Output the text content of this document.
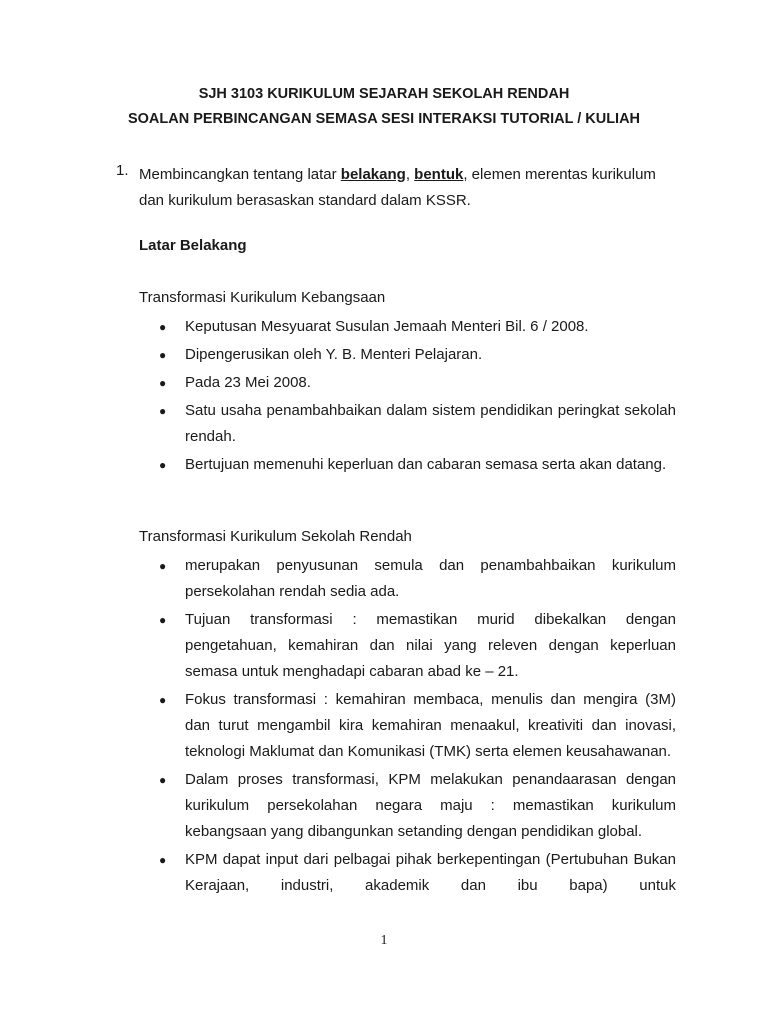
SJH 3103 KURIKULUM SEJARAH SEKOLAH RENDAH
SOALAN PERBINCANGAN SEMASA SESI INTERAKSI TUTORIAL / KULIAH
1. Membincangkan tentang latar belakang, bentuk, elemen merentas kurikulum dan kurikulum berasaskan standard dalam KSSR.
Latar Belakang
Transformasi Kurikulum Kebangsaan
● Keputusan Mesyuarat Susulan Jemaah Menteri Bil. 6 / 2008.
● Dipengerusikan oleh Y. B. Menteri Pelajaran.
● Pada 23 Mei 2008.
● Satu usaha penambahbaikan dalam sistem pendidikan peringkat sekolah rendah.
● Bertujuan memenuhi keperluan dan cabaran semasa serta akan datang.
Transformasi Kurikulum Sekolah Rendah
● merupakan penyusunan semula dan penambahbaikan kurikulum persekolahan rendah sedia ada.
● Tujuan transformasi : memastikan murid dibekalkan dengan pengetahuan, kemahiran dan nilai yang releven dengan keperluan semasa untuk menghadapi cabaran abad ke – 21.
● Fokus transformasi : kemahiran membaca, menulis dan mengira (3M) dan turut mengambil kira kemahiran menaakul, kreativiti dan inovasi, teknologi Maklumat dan Komunikasi (TMK) serta elemen keusahawanan.
● Dalam proses transformasi, KPM melakukan penandaarasan dengan kurikulum persekolahan negara maju : memastikan kurikulum kebangsaan yang dibangunkan setanding dengan pendidikan global.
● KPM dapat input dari pelbagai pihak berkepentingan (Pertubuhan Bukan Kerajaan, industri, akademik dan ibu bapa) untuk
1
